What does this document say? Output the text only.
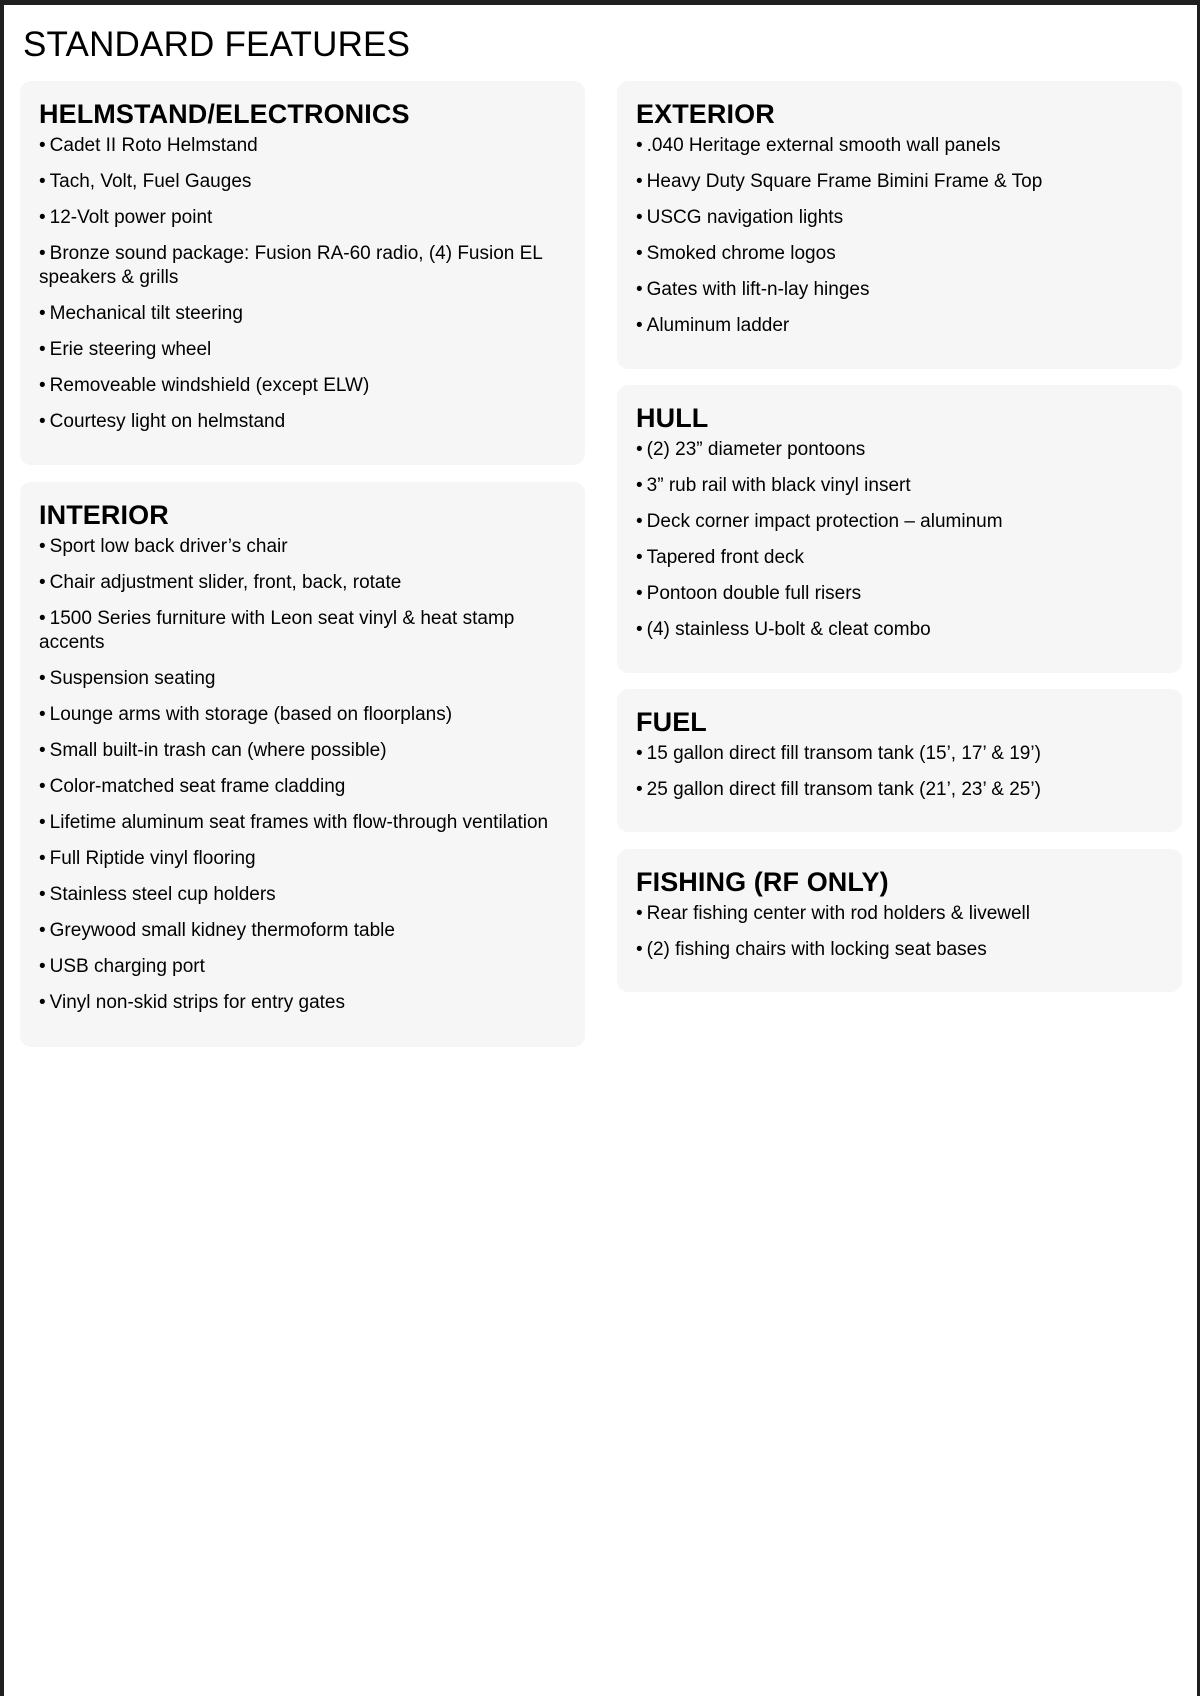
STANDARD FEATURES
HELMSTAND/ELECTRONICS
• Cadet II Roto Helmstand
• Tach, Volt, Fuel Gauges
• 12-Volt power point
• Bronze sound package: Fusion RA-60 radio, (4) Fusion EL speakers & grills
• Mechanical tilt steering
• Erie steering wheel
• Removeable windshield (except ELW)
• Courtesy light on helmstand
INTERIOR
• Sport low back driver’s chair
• Chair adjustment slider, front, back, rotate
• 1500 Series furniture with Leon seat vinyl & heat stamp accents
• Suspension seating
• Lounge arms with storage (based on floorplans)
• Small built-in trash can (where possible)
• Color-matched seat frame cladding
• Lifetime aluminum seat frames with flow-through ventilation
• Full Riptide vinyl flooring
• Stainless steel cup holders
• Greywood small kidney thermoform table
• USB charging port
• Vinyl non-skid strips for entry gates
EXTERIOR
• .040 Heritage external smooth wall panels
• Heavy Duty Square Frame Bimini Frame & Top
• USCG navigation lights
• Smoked chrome logos
• Gates with lift-n-lay hinges
• Aluminum ladder
HULL
• (2) 23” diameter pontoons
• 3” rub rail with black vinyl insert
• Deck corner impact protection – aluminum
• Tapered front deck
• Pontoon double full risers
• (4) stainless U-bolt & cleat combo
FUEL
• 15 gallon direct fill transom tank (15’, 17’ & 19’)
• 25 gallon direct fill transom tank (21’, 23’ & 25’)
FISHING (RF ONLY)
• Rear fishing center with rod holders & livewell
• (2) fishing chairs with locking seat bases
